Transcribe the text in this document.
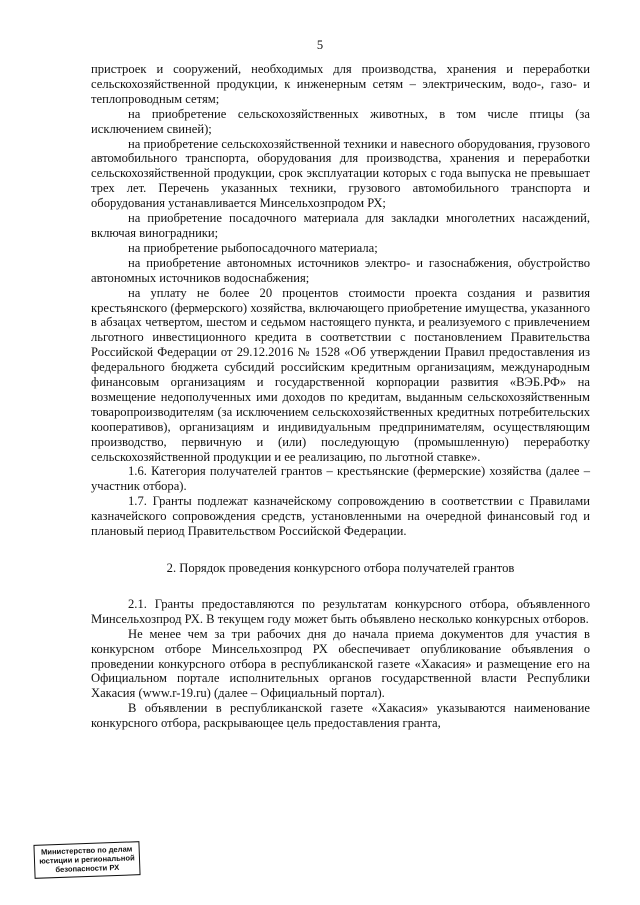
5

пристроек и сооружений, необходимых для производства, хранения и переработки сельскохозяйственной продукции, к инженерным сетям – электрическим, водо-, газо- и теплопроводным сетям;

на приобретение сельскохозяйственных животных, в том числе птицы (за исключением свиней);

на приобретение сельскохозяйственной техники и навесного оборудования, грузового автомобильного транспорта, оборудования для производства, хранения и переработки сельскохозяйственной продукции, срок эксплуатации которых с года выпуска не превышает трех лет. Перечень указанных техники, грузового автомобильного транспорта и оборудования устанавливается Минсельхозпродом РХ;

на приобретение посадочного материала для закладки многолетних насаждений, включая виноградники;

на приобретение рыбопосадочного материала;

на приобретение автономных источников электро- и газоснабжения, обустройство автономных источников водоснабжения;

на уплату не более 20 процентов стоимости проекта создания и развития крестьянского (фермерского) хозяйства, включающего приобретение имущества, указанного в абзацах четвертом, шестом и седьмом настоящего пункта, и реализуемого с привлечением льготного инвестиционного кредита в соответствии с постановлением Правительства Российской Федерации от 29.12.2016 № 1528 «Об утверждении Правил предоставления из федерального бюджета субсидий российским кредитным организациям, международным финансовым организациям и государственной корпорации развития «ВЭБ.РФ» на возмещение недополученных ими доходов по кредитам, выданным сельскохозяйственным товаропроизводителям (за исключением сельскохозяйственных кредитных потребительских кооперативов), организациям и индивидуальным предпринимателям, осуществляющим производство, первичную и (или) последующую (промышленную) переработку сельскохозяйственной продукции и ее реализацию, по льготной ставке».

1.6. Категория получателей грантов – крестьянские (фермерские) хозяйства (далее – участник отбора).

1.7. Гранты подлежат казначейскому сопровождению в соответствии с Правилами казначейского сопровождения средств, установленными на очередной финансовый год и плановый период Правительством Российской Федерации.

2. Порядок проведения конкурсного отбора получателей грантов

2.1. Гранты предоставляются по результатам конкурсного отбора, объявленного Минсельхозпрод РХ. В текущем году может быть объявлено несколько конкурсных отборов.

Не менее чем за три рабочих дня до начала приема документов для участия в конкурсном отборе Минсельхозпрод РХ обеспечивает опубликование объявления о проведении конкурсного отбора в республиканской газете «Хакасия» и размещение его на Официальном портале исполнительных органов государственной власти Республики Хакасия (www.r-19.ru) (далее – Официальный портал).

В объявлении в республиканской газете «Хакасия» указываются наименование конкурсного отбора, раскрывающее цель предоставления гранта,

Министерство по делам
юстиции и региональной
безопасности РХ
